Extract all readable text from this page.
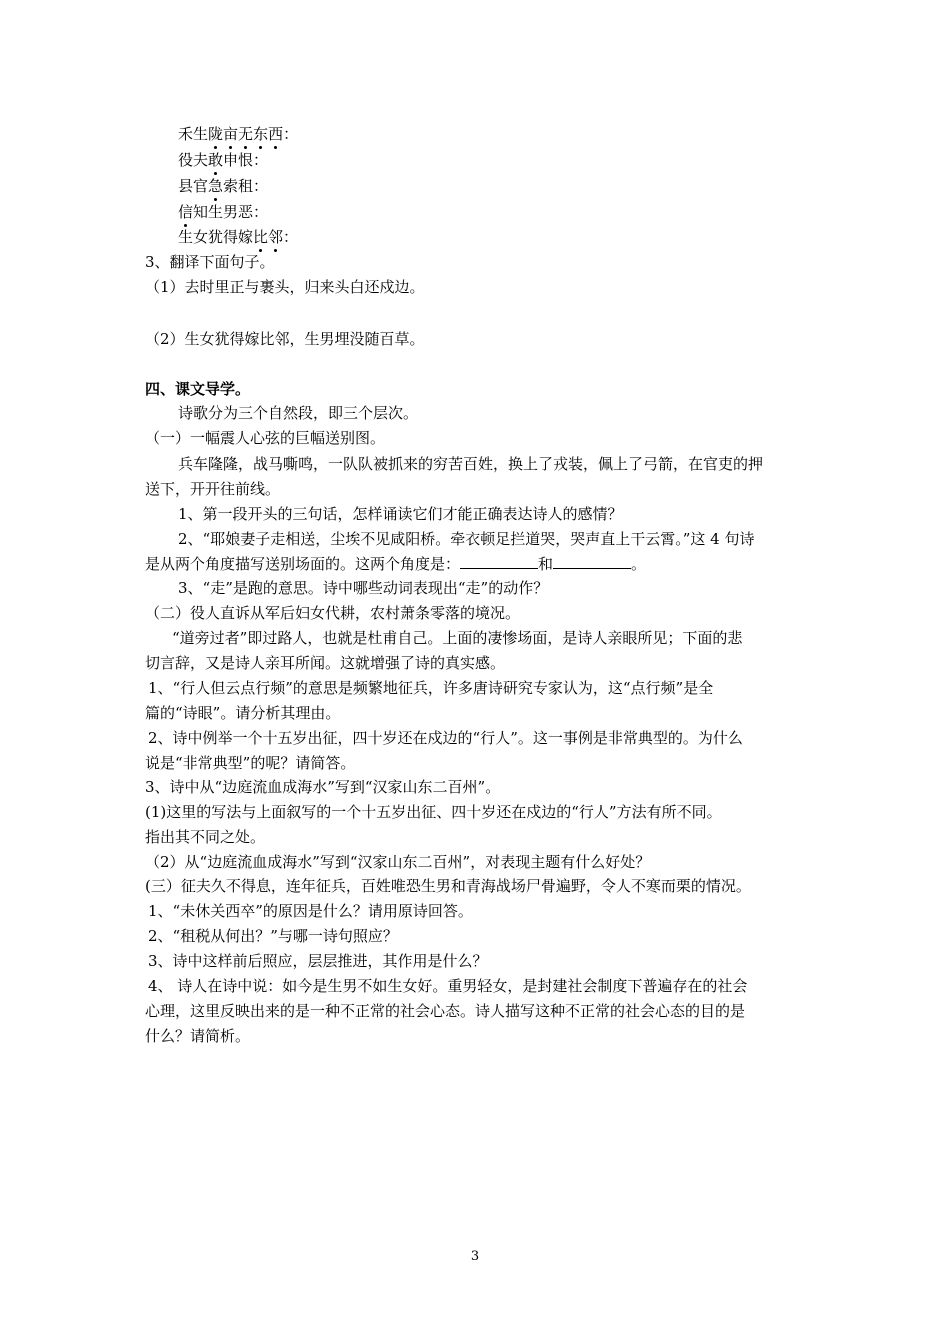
禾生陇亩无东西：
役夫敢申恨：
县官急索租：
信知生男恶：
生女犹得嫁比邻：
3、翻译下面句子。
（1）去时里正与裹头，归来头白还戍边。
（2）生女犹得嫁比邻，生男埋没随百草。
四、课文导学。
诗歌分为三个自然段，即三个层次。
（一）一幅震人心弦的巨幅送别图。
兵车隆隆，战马嘶鸣，一队队被抓来的穷苦百姓，换上了戎装，佩上了弓箭，在官吏的押
送下，开开往前线。
1、第一段开头的三句话，怎样诵读它们才能正确表达诗人的感情？
2、“耶娘妻子走相送，尘埃不见咸阳桥。牵衣顿足拦道哭，哭声直上干云霄。”这 4 句诗
是从两个角度描写送别场面的。这两个角度是：	和	。
3、“走”是跑的意思。诗中哪些动词表现出“走”的动作？
（二）役人直诉从军后妇女代耕，农村萧条零落的境况。
“道旁过者”即过路人，也就是杜甫自己。上面的凄惨场面，是诗人亲眼所见；下面的悲
切言辞，又是诗人亲耳所闻。这就增强了诗的真实感。
1、“行人但云点行频”的意思是频繁地征兵，许多唐诗研究专家认为，这“点行频”是全
篇的“诗眼”。请分析其理由。
2、诗中例举一个十五岁出征，四十岁还在戍边的“行人”。这一事例是非常典型的。为什么
说是“非常典型”的呢？请简答。
3、诗中从“边庭流血成海水”写到“汉家山东二百州”。
(1)这里的写法与上面叙写的一个十五岁出征、四十岁还在戍边的“行人”方法有所不同。
指出其不同之处。
（2）从“边庭流血成海水”写到“汉家山东二百州”，对表现主题有什么好处？
(三）征夫久不得息，连年征兵，百姓唯恐生男和青海战场尸骨遍野，令人不寒而栗的情况。
1、“未休关西卒”的原因是什么？请用原诗回答。
2、“租税从何出？”与哪一诗句照应？
3、诗中这样前后照应，层层推进，其作用是什么？
4、 诗人在诗中说：如今是生男不如生女好。重男轻女，是封建社会制度下普遍存在的社会
心理，这里反映出来的是一种不正常的社会心态。诗人描写这种不正常的社会心态的目的是
什么？请简析。
3
